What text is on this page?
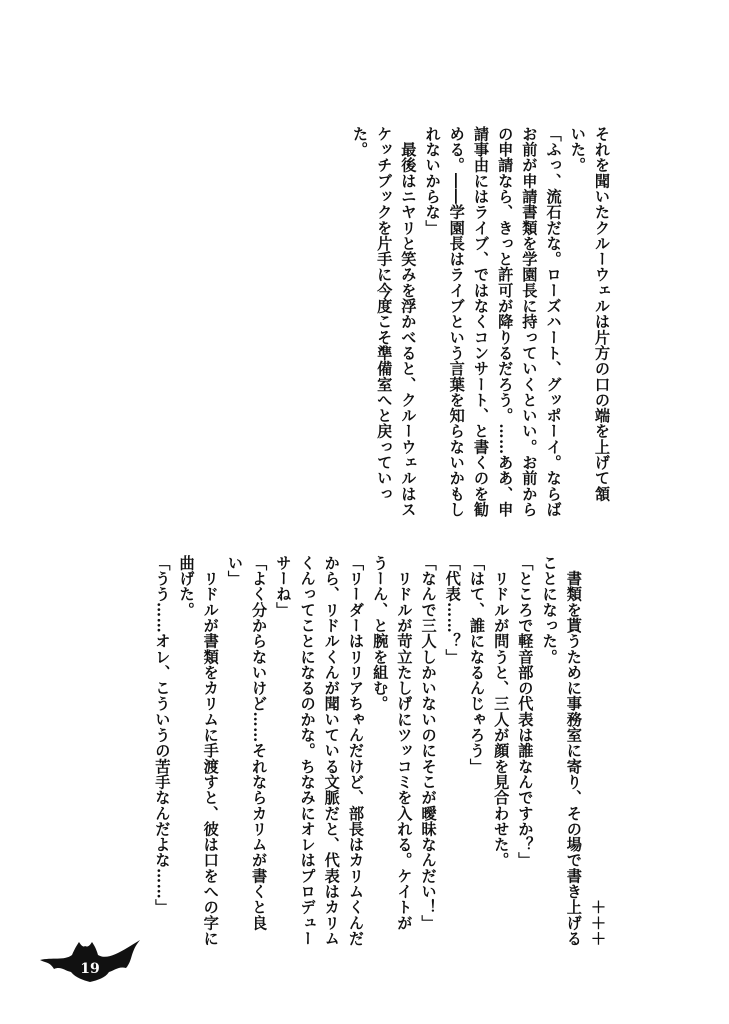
それを聞いたクルーウェルは片方の口の端を上げて頷
いた。
「ふっ、流石だな。ローズハート、グッポーイ。ならば
お前が申請書類を学園長に持っていくといい。お前から
の申請なら、きっと許可が降りるだろう。……ああ、申
請事由にはライブ、ではなくコンサート、と書くのを勧
める。――学園長はライブという言葉を知らないかもし
れないからな」
　最後はニヤリと笑みを浮かべると、クルーウェルはス
ケッチブックを片手に今度こそ準備室へと戻っていっ
た。
　　　　　　　　　　　　　　　　　　　　　　＋＋＋
　書類を貰うために事務室に寄り、その場で書き上げる
ことになった。
「ところで軽音部の代表は誰なんですか？」
　リドルが問うと、三人が顔を見合わせた。
「はて、誰になるんじゃろう」
「代表……？」
「なんで三人しかいないのにそこが曖昧なんだい！」
　リドルが苛立たしげにツッコミを入れる。ケイトが
うーん、と腕を組む。
「リーダーはリリアちゃんだけど、部長はカリムくんだ
から、リドルくんが聞いている文脈だと、代表はカリム
くんってことになるのかな。ちなみにオレはプロデュー
サーね」
「よく分からないけど……それならカリムが書くと良
い」
　リドルが書類をカリムに手渡すと、彼は口をへの字に
曲げた。
「うう……オレ、こういうの苦手なんだよな……」
19
